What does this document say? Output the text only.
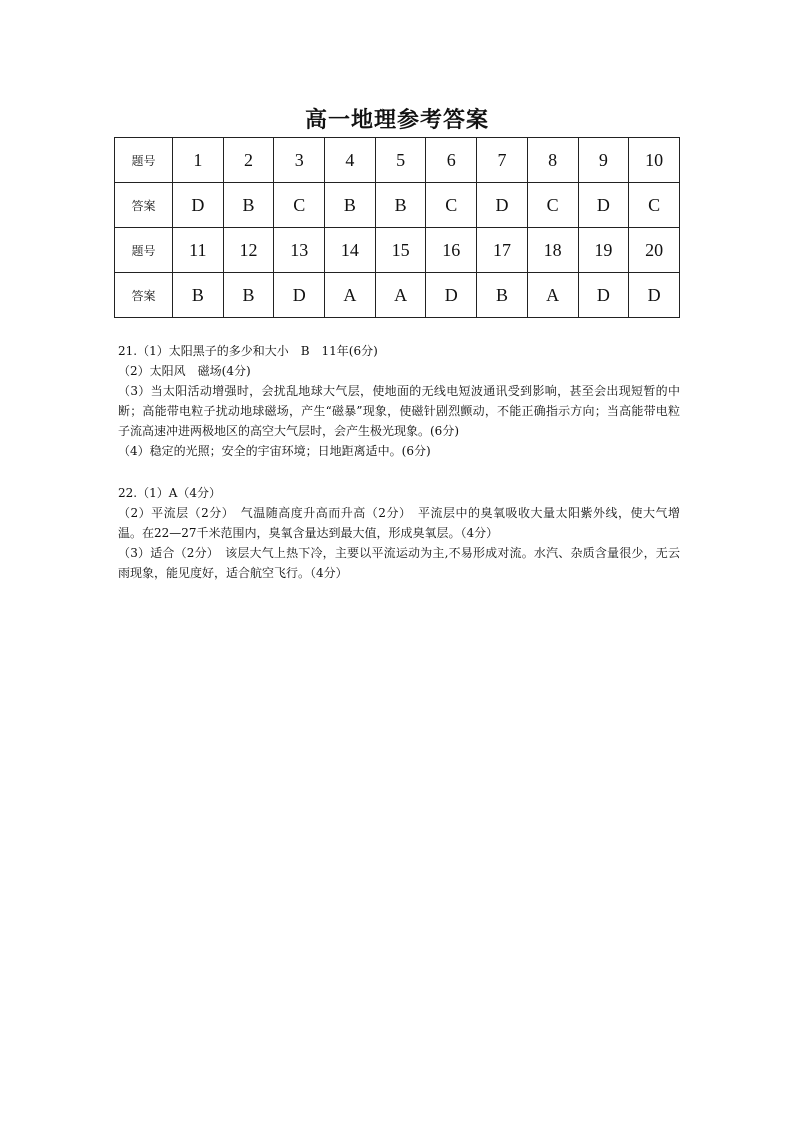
高一地理参考答案
题号	1	2	3	4	5	6	7	8	9	10
答案	D	B	C	B	B	C	D	C	D	C
题号	11	12	13	14	15	16	17	18	19	20
答案	B	B	D	A	A	D	B	A	D	D

21.（1）太阳黑子的多少和大小　B　11年(6分)

（2）太阳风　磁场(4分)

（3）当太阳活动增强时，会扰乱地球大气层，使地面的无线电短波通讯受到影响，甚至会出现短暂的中断；高能带电粒子扰动地球磁场，产生“磁暴”现象，使磁针剧烈颤动，不能正确指示方向；当高能带电粒子流高速冲进两极地区的高空大气层时，会产生极光现象。(6分)

（4）稳定的光照；安全的宇宙环境；日地距离适中。(6分)

22.（1）A（4分）

（2）平流层（2分）　气温随高度升高而升高（2分）　平流层中的臭氧吸收大量太阳紫外线，使大气增温。在22—27千米范围内，臭氧含量达到最大值，形成臭氧层。（4分）

（3）适合（2分）　该层大气上热下冷，主要以平流运动为主,不易形成对流。水汽、杂质含量很少，无云雨现象，能见度好，适合航空飞行。（4分）
